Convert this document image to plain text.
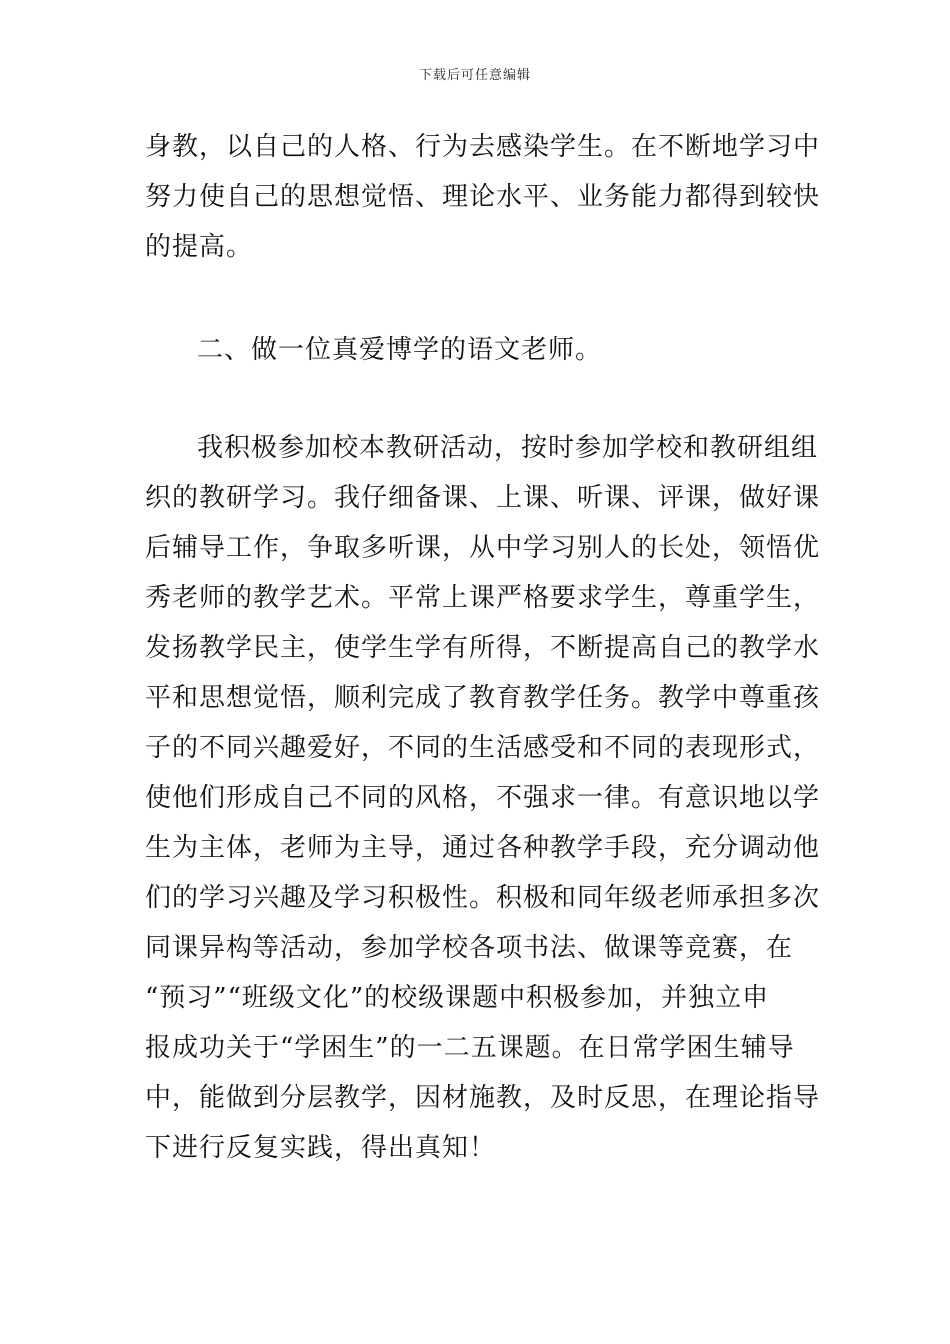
下载后可任意编辑
身教，以自己的人格、行为去感染学生。在不断地学习中
努力使自己的思想觉悟、理论水平、业务能力都得到较快
的提高。
二、做一位真爱博学的语文老师。
我积极参加校本教研活动，按时参加学校和教研组组
织的教研学习。我仔细备课、上课、听课、评课，做好课
后辅导工作，争取多听课，从中学习别人的长处，领悟优
秀老师的教学艺术。平常上课严格要求学生，尊重学生，
发扬教学民主，使学生学有所得，不断提高自己的教学水
平和思想觉悟，顺利完成了教育教学任务。教学中尊重孩
子的不同兴趣爱好，不同的生活感受和不同的表现形式，
使他们形成自己不同的风格，不强求一律。有意识地以学
生为主体，老师为主导，通过各种教学手段，充分调动他
们的学习兴趣及学习积极性。积极和同年级老师承担多次
同课异构等活动，参加学校各项书法、做课等竞赛，在
“预习”“班级文化”的校级课题中积极参加，并独立申
报成功关于“学困生”的一二五课题。在日常学困生辅导
中，能做到分层教学，因材施教，及时反思，在理论指导
下进行反复实践，得出真知！
